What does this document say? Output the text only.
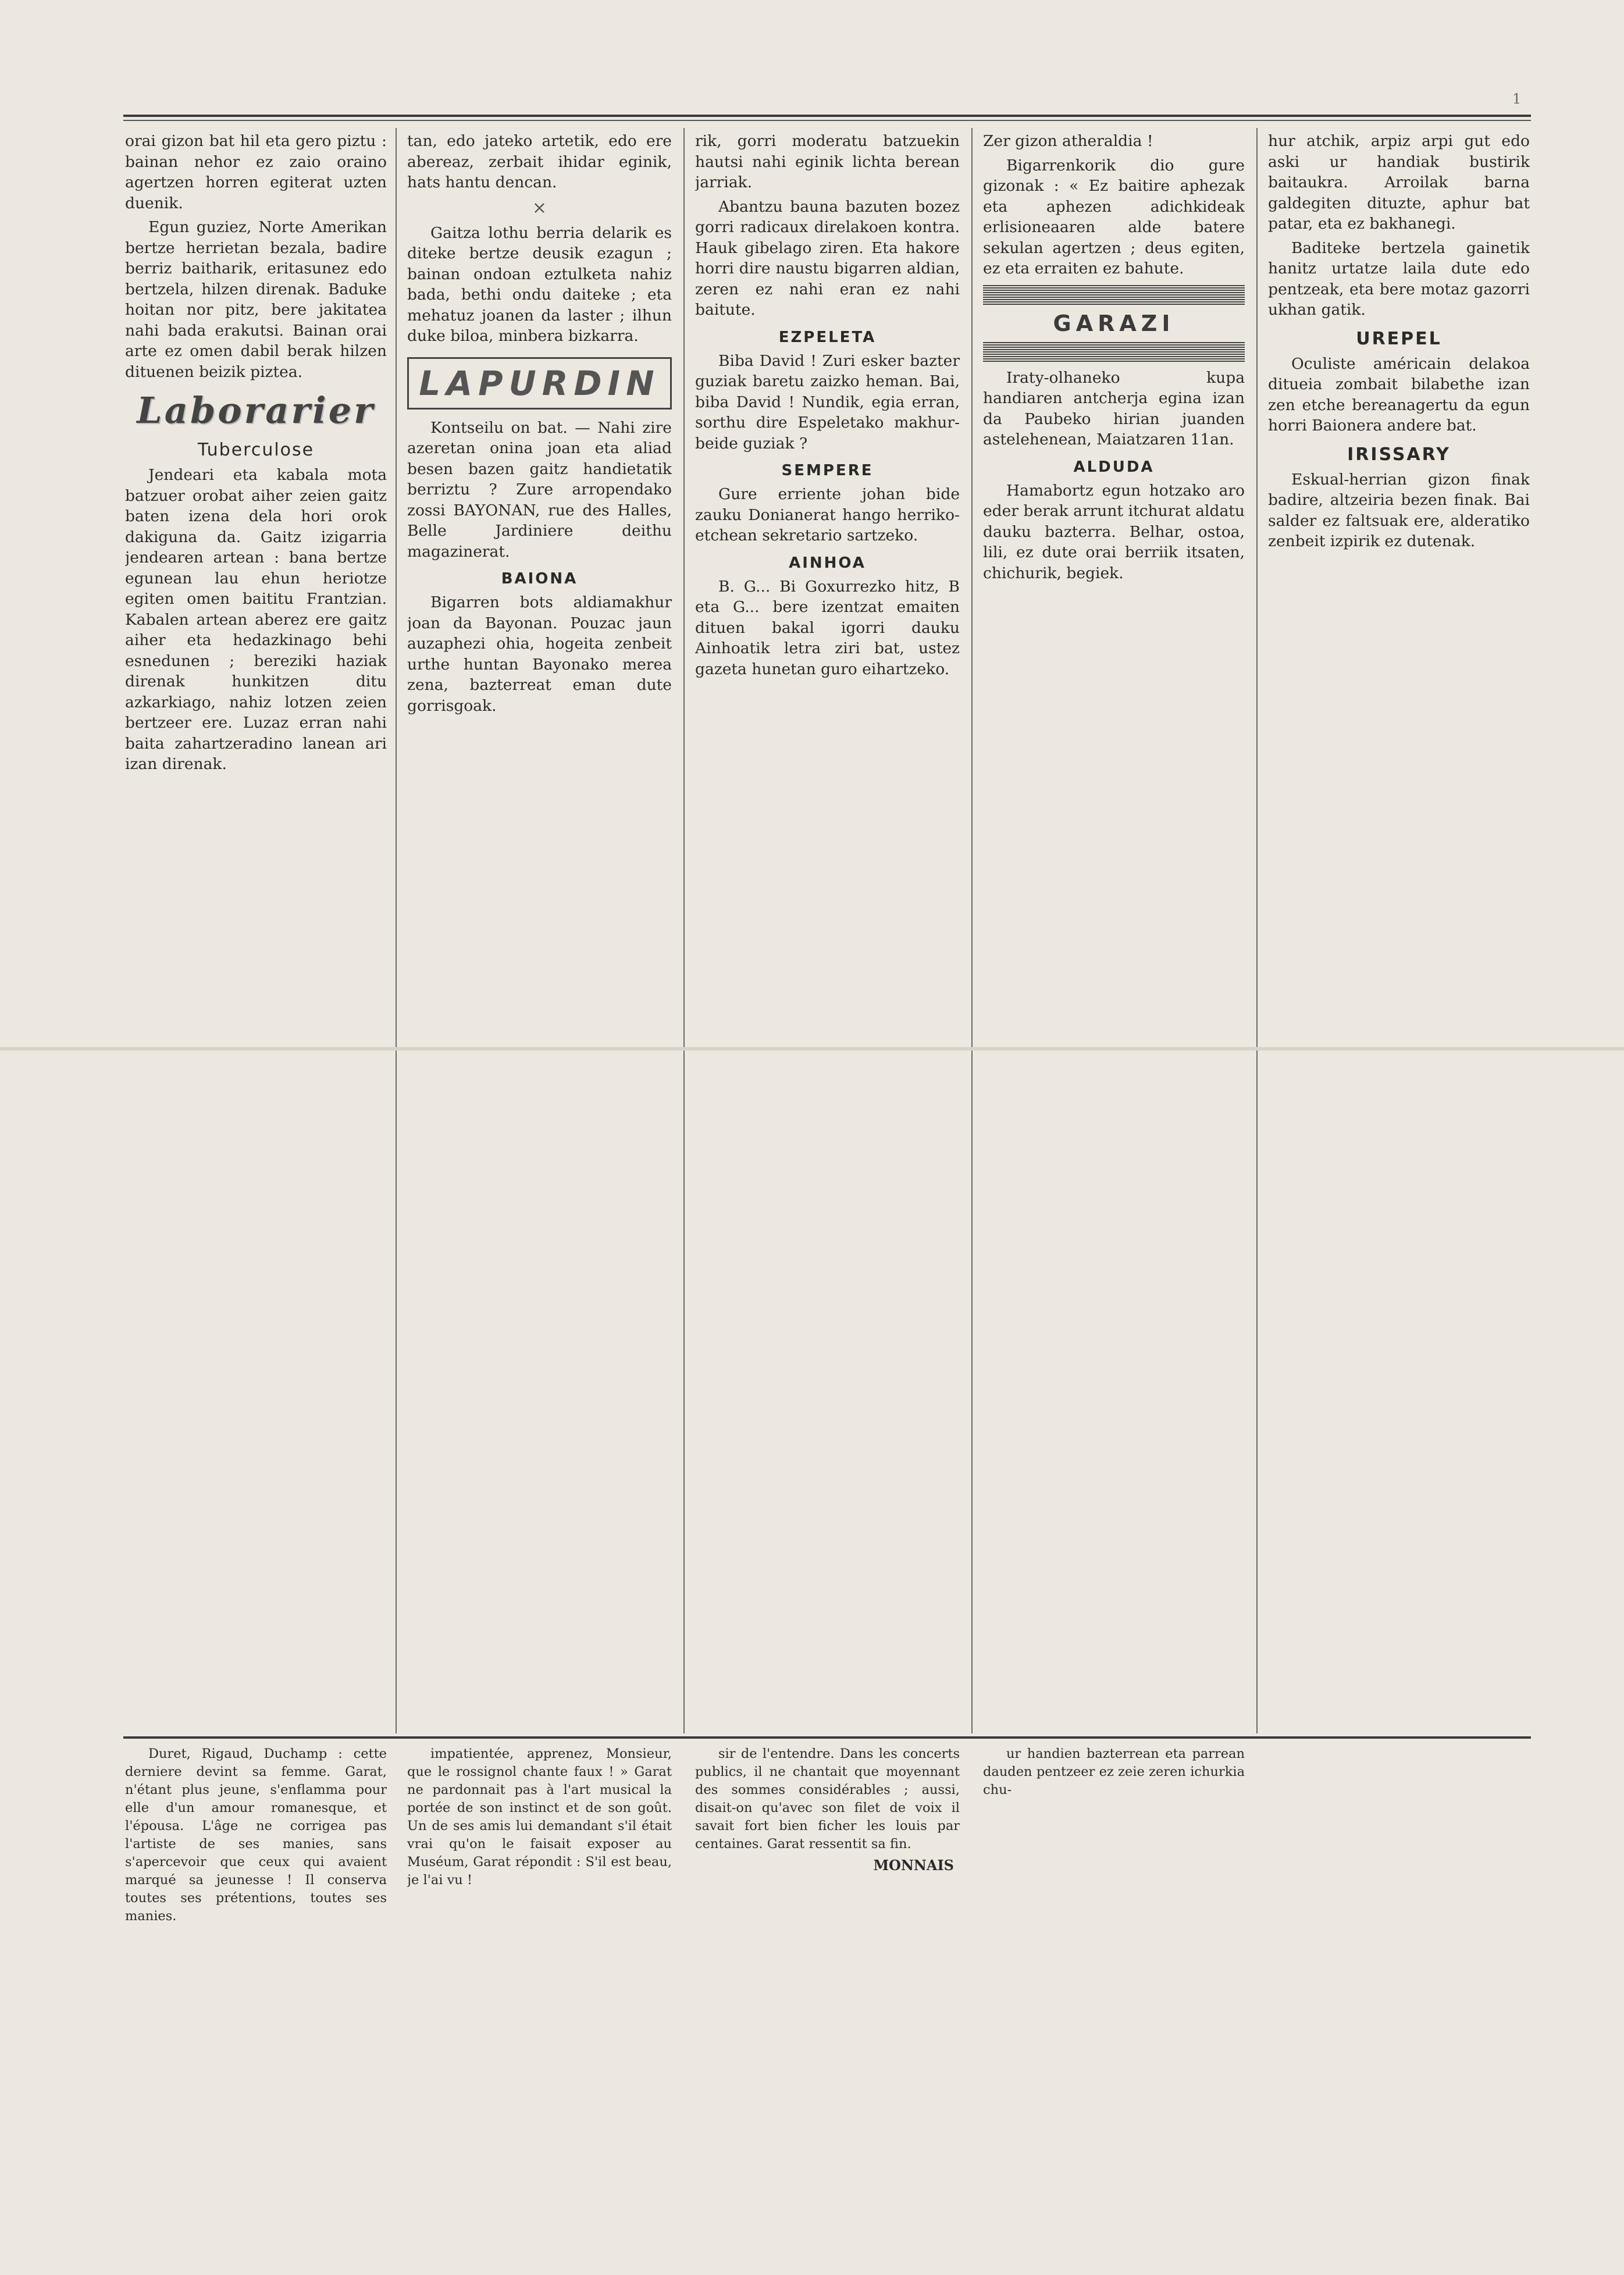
1

orai gizon bat hil eta gero piztu : bainan nehor ez zaio oraino agertzen horren egiterat uzten duenik.

Egun guziez, Norte Amerikan bertze herrietan bezala, badire berriz baitharik, eritasunez edo bertzela, hilzen direnak. Baduke hoitan nor pitz, bere jakitatea nahi bada erakutsi. Bainan orai arte ez omen dabil berak hilzen dituenen beizik piztea.

Laborarier
Tuberculose

Jendeari eta kabala mota batzuer orobat aiher zeien gaitz baten izena dela hori orok dakiguna da. Gaitz izigarria jendearen artean : bana bertze egunean lau ehun heriotze egiten omen baititu Frantzian. Kabalen artean aberez ere gaitz aiher eta hedazkinago behi esnedunen ; bereziki haziak direnak hunkitzen ditu azkarkiago, nahiz lotzen zeien bertzeer ere. Luzaz erran nahi baita zahartzeradino lanean ari izan direnak.

tan, edo jateko artetik, edo ere abereaz, zerbait ihidar eginik, hats hantu dencan.

×

Gaitza lothu berria delarik es diteke bertze deusik ezagun ; bainan ondoan eztulketa nahiz bada, bethi ondu daiteke ; eta mehatuz joanen da laster ; ilhun duke biloa, minbera bizkarra.

LAPURDIN

Kontseilu on bat. — Nahi zire azeretan onina joan eta aliad besen bazen gaitz handietatik berriztu ? Zure arropendako zossi BAYONAN, rue des Halles, Belle Jardiniere deithu magazinerat.

BAIONA

Bigarren bots aldiamakhur joan da Bayonan. Pouzac jaun auzaphezi ohia, hogeita zenbeit urthe huntan Bayonako merea zena, bazterreat eman dute gorrisgoak.

rik, gorri moderatu batzuekin hautsi nahi eginik lichta berean jarriak.

Abantzu bauna bazuten bozez gorri radicaux direlakoen kontra. Hauk gibelago ziren. Eta hakore horri dire naustu bigarren aldian, zeren ez nahi eran ez nahi baitute.

EZPELETA

Biba David ! Zuri esker bazter guziak baretu zaizko heman. Bai, biba David ! Nundik, egia erran, sorthu dire Espeletako makhur-beide guziak ?

SEMPERE

Gure erriente johan bide zauku Donianerat hango herriko-etchean sekretario sartzeko.

AINHOA

B. G... Bi Goxurrezko hitz, B eta G... bere izentzat emaiten dituen bakal igorri dauku Ainhoatik letra ziri bat, ustez gazeta hunetan guro eihartzeko.

Zer gizon atheraldia !

Bigarrenkorik dio gure gizonak : « Ez baitire aphezak eta aphezen adichkideak erlisioneaaren alde batere sekulan agertzen ; deus egiten, ez eta erraiten ez bahute.

GARAZI

Iraty-olhaneko kupa handiaren antcherja egina izan da Paubeko hirian juanden astelehenean, Maiatzaren 11an.

ALDUDA

Hamabortz egun hotzako aro eder berak arrunt itchurat aldatu dauku bazterra. Belhar, ostoa, lili, ez dute orai berriik itsaten, chichurik, begiek.

hur atchik, arpiz arpi gut edo aski ur handiak bustirik baitaukra. Arroilak barna galdegiten dituzte, aphur bat patar, eta ez bakhanegi.

Baditeke bertzela gainetik hanitz urtatze laila dute edo pentzeak, eta bere motaz gazorri ukhan gatik.

UREPEL

Oculiste américain delakoa ditueia zombait bilabethe izan zen etche bereanagertu da egun horri Baionera andere bat.

IRISSARY

Eskual-herrian gizon finak badire, altzeiria bezen finak. Bai salder ez faltsuak ere, alderatiko zenbeit izpirik ez dutenak.

Duret, Rigaud, Duchamp : cette derniere devint sa femme. Garat, n'étant plus jeune, s'enflamma pour elle d'un amour romanesque, et l'épousa. L'âge ne corrigea pas l'artiste de ses manies, sans s'apercevoir que ceux qui avaient marqué sa jeunesse ! Il conserva toutes ses prétentions, toutes ses manies.

impatientée, apprenez, Monsieur, que le rossignol chante faux ! » Garat ne pardonnait pas à l'art musical la portée de son instinct et de son goût. Un de ses amis lui demandant s'il était vrai qu'on le faisait exposer au Muséum, Garat répondit : S'il est beau, je l'ai vu !

sir de l'entendre. Dans les concerts publics, il ne chantait que moyennant des sommes considérables ; aussi, disait-on qu'avec son filet de voix il savait fort bien ficher les louis par centaines. Garat ressentit sa fin.

MONNAIS

ur handien bazterrean eta parrean dauden pentzeer ez zeie zeren ichurkia chu-
